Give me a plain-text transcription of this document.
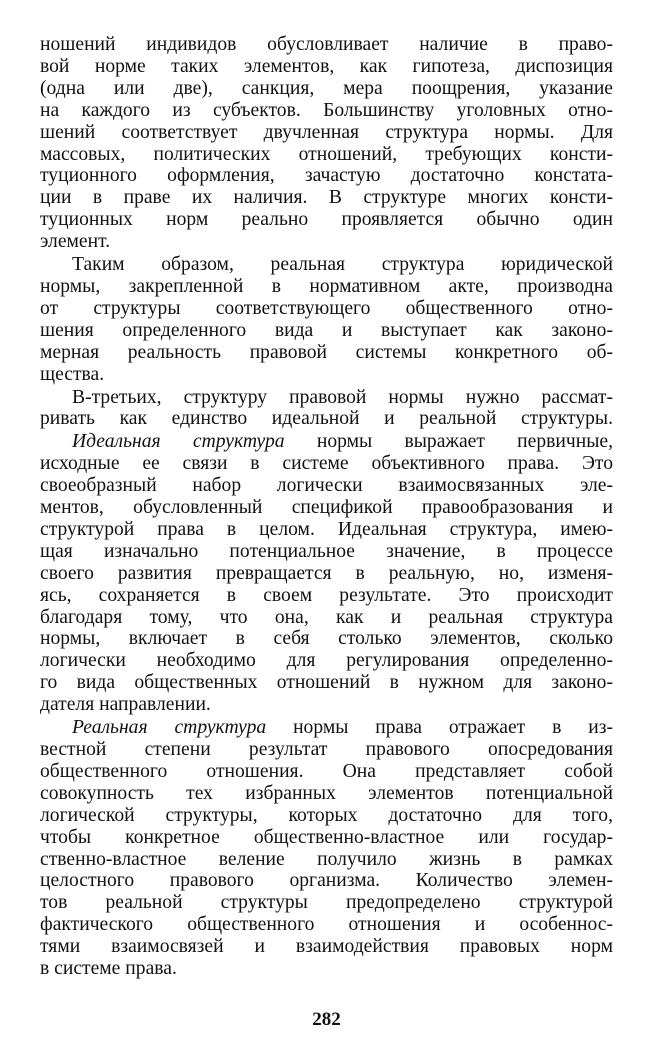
ношений индивидов обусловливает наличие в право-
вой норме таких элементов, как гипотеза, диспозиция
(одна или две), санкция, мера поощрения, указание
на каждого из субъектов. Большинству уголовных отно-
шений соответствует двучленная структура нормы. Для
массовых, политических отношений, требующих консти-
туционного оформления, зачастую достаточно констата-
ции в праве их наличия. В структуре многих консти-
туционных норм реально проявляется обычно один
элемент.

Таким образом, реальная структура юридической
нормы, закрепленной в нормативном акте, производна
от структуры соответствующего общественного отно-
шения определенного вида и выступает как законо-
мерная реальность правовой системы конкретного об-
щества.

В-третьих, структуру правовой нормы нужно рассмат-
ривать как единство идеальной и реальной структуры.

Идеальная структура нормы выражает первичные,
исходные ее связи в системе объективного права. Это
своеобразный набор логически взаимосвязанных эле-
ментов, обусловленный спецификой правообразования и
структурой права в целом. Идеальная структура, имею-
щая изначально потенциальное значение, в процессе
своего развития превращается в реальную, но, изменя-
ясь, сохраняется в своем результате. Это происходит
благодаря тому, что она, как и реальная структура
нормы, включает в себя столько элементов, сколько
логически необходимо для регулирования определенно-
го вида общественных отношений в нужном для законо-
дателя направлении.

Реальная структура нормы права отражает в из-
вестной степени результат правового опосредования
общественного отношения. Она представляет собой
совокупность тех избранных элементов потенциальной
логической структуры, которых достаточно для того,
чтобы конкретное общественно-властное или государ-
ственно-властное веление получило жизнь в рамках
целостного правового организма. Количество элемен-
тов реальной структуры предопределено структурой
фактического общественного отношения и особеннос-
тями взаимосвязей и взаимодействия правовых норм
в системе права.

282
